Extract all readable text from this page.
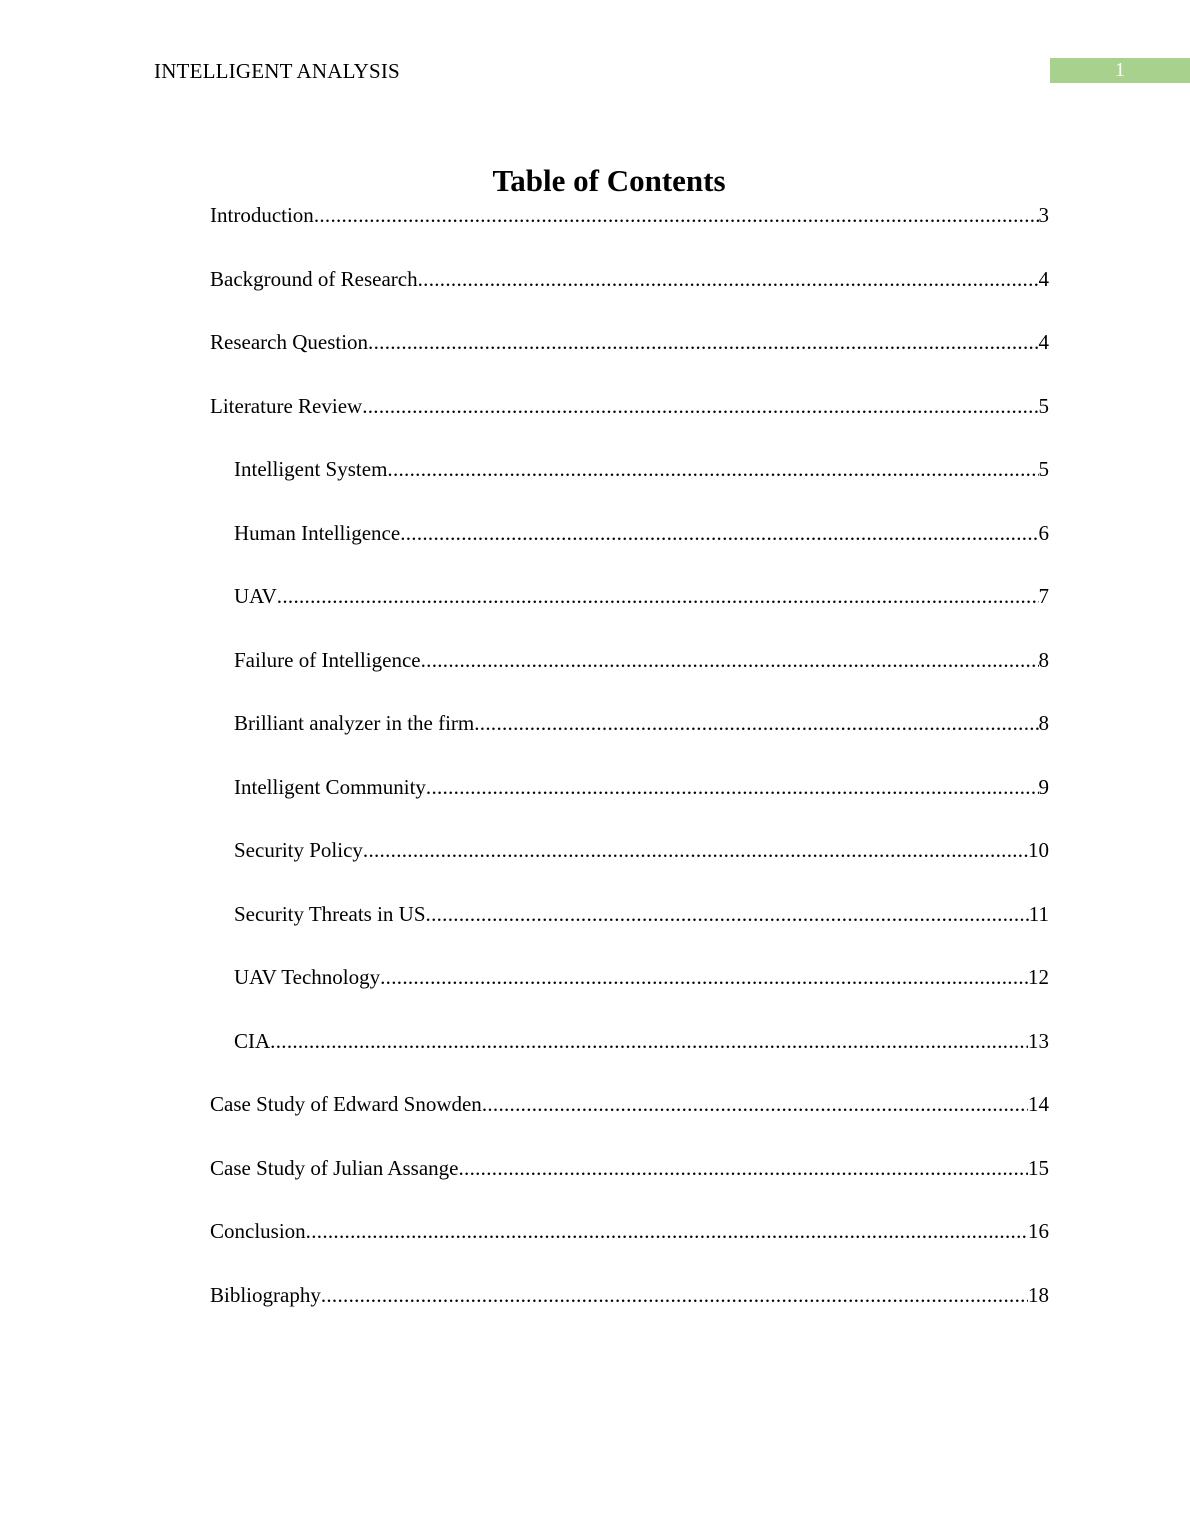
INTELLIGENT ANALYSIS	1
Table of Contents
Introduction .....	3
Background of Research .....	4
Research Question .....	4
Literature Review .....	5
Intelligent System .....	5
Human Intelligence .....	6
UAV .....	7
Failure of Intelligence .....	8
Brilliant analyzer in the firm .....	8
Intelligent Community .....	9
Security Policy .....	10
Security Threats in US .....	11
UAV Technology .....	12
CIA .....	13
Case Study of Edward Snowden .....	14
Case Study of Julian Assange .....	15
Conclusion .....	16
Bibliography .....	18
